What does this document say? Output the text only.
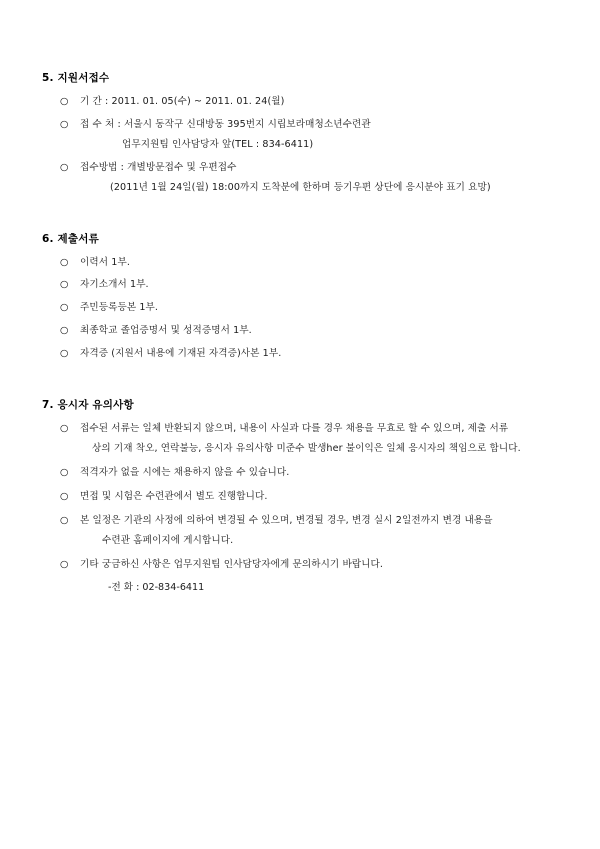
5. 지원서접수
○	기 간 : 2011. 01. 05(수) ~ 2011. 01. 24(월)
○	접 수 처 : 서울시 동작구 신대방동 395번지 시립보라매청소년수련관
업무지원팀 인사담당자 앞(TEL : 834-6411)
○	접수방법 : 개별방문접수 및 우편접수
(2011년 1월 24일(월) 18:00까지 도착분에 한하며 등기우편 상단에 응시분야 표기 요망)
6. 제출서류
○	이력서 1부.
○	자기소개서 1부.
○	주민등록등본 1부.
○	최종학교 졸업증명서 및 성적증명서 1부.
○	자격증 (지원서 내용에 기재된 자격증)사본 1부.
7. 응시자 유의사항
○	접수된 서류는 일체 반환되지 않으며, 내용이 사실과 다를 경우 채용을 무효로 할 수 있으며, 제출 서류
상의 기재 착오, 연락불능, 응시자 유의사항 미준수 발생her 불이익은 일체 응시자의 책임으로 합니다.
○	적격자가 없을 시에는 채용하지 않을 수 있습니다.
○	면접 및 시험은 수련관에서 별도 진행합니다.
○	본 일정은 기관의 사정에 의하여 변경될 수 있으며, 변경될 경우, 변경 실시 2일전까지 변경 내용을
수련관 홈페이지에 게시합니다.
○	기타 궁금하신 사항은 업무지원팀 인사담당자에게 문의하시기 바랍니다.
-전 화 : 02-834-6411
